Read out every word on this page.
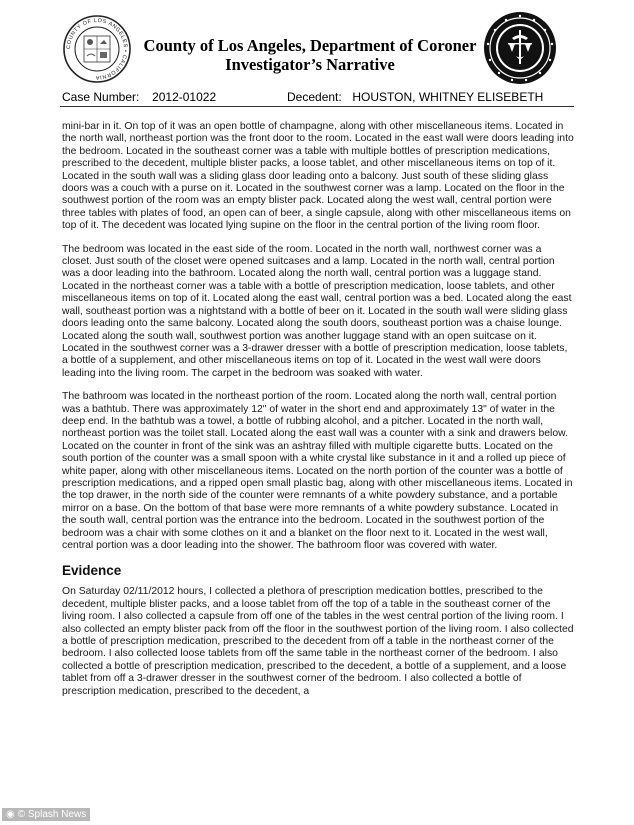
COUNTY OF LOS ANGELES • CALIFORNIA
County of Los Angeles, Department of Coroner
Investigator’s Narrative
Case Number: 2012-01022	Decedent: HOUSTON, WHITNEY ELISEBETH

mini-bar in it. On top of it was an open bottle of champagne, along with other miscellaneous items. Located in the north wall, northeast portion was the front door to the room. Located in the east wall were doors leading into the bedroom. Located in the southeast corner was a table with multiple bottles of prescription medications, prescribed to the decedent, multiple blister packs, a loose tablet, and other miscellaneous items on top of it. Located in the south wall was a sliding glass door leading onto a balcony. Just south of these sliding glass doors was a couch with a purse on it. Located in the southwest corner was a lamp. Located on the floor in the southwest portion of the room was an empty blister pack. Located along the west wall, central portion were three tables with plates of food, an open can of beer, a single capsule, along with other miscellaneous items on top of it. The decedent was located lying supine on the floor in the central portion of the living room floor.

The bedroom was located in the east side of the room. Located in the north wall, northwest corner was a closet. Just south of the closet were opened suitcases and a lamp. Located in the north wall, central portion was a door leading into the bathroom. Located along the north wall, central portion was a luggage stand. Located in the northeast corner was a table with a bottle of prescription medication, loose tablets, and other miscellaneous items on top of it. Located along the east wall, central portion was a bed. Located along the east wall, southeast portion was a nightstand with a bottle of beer on it. Located in the south wall were sliding glass doors leading onto the same balcony. Located along the south doors, southeast portion was a chaise lounge. Located along the south wall, southwest portion was another luggage stand with an open suitcase on it. Located in the southwest corner was a 3-drawer dresser with a bottle of prescription medication, loose tablets, a bottle of a supplement, and other miscellaneous items on top of it. Located in the west wall were doors leading into the living room. The carpet in the bedroom was soaked with water.

The bathroom was located in the northeast portion of the room. Located along the north wall, central portion was a bathtub. There was approximately 12" of water in the short end and approximately 13" of water in the deep end. In the bathtub was a towel, a bottle of rubbing alcohol, and a pitcher. Located in the north wall, northeast portion was the toilet stall. Located along the east wall was a counter with a sink and drawers below. Located on the counter in front of the sink was an ashtray filled with multiple cigarette butts. Located on the south portion of the counter was a small spoon with a white crystal like substance in it and a rolled up piece of white paper, along with other miscellaneous items. Located on the north portion of the counter was a bottle of prescription medications, and a ripped open small plastic bag, along with other miscellaneous items. Located in the top drawer, in the north side of the counter were remnants of a white powdery substance, and a portable mirror on a base. On the bottom of that base were more remnants of a white powdery substance. Located in the south wall, central portion was the entrance into the bedroom. Located in the southwest portion of the bedroom was a chair with some clothes on it and a blanket on the floor next to it. Located in the west wall, central portion was a door leading into the shower. The bathroom floor was covered with water.

Evidence

On Saturday 02/11/2012 hours, I collected a plethora of prescription medication bottles, prescribed to the decedent, multiple blister packs, and a loose tablet from off the top of a table in the southeast corner of the living room. I also collected a capsule from off one of the tables in the west central portion of the living room. I also collected an empty blister pack from off the floor in the southwest portion of the living room. I also collected a bottle of prescription medication, prescribed to the decedent from off a table in the northeast corner of the bedroom. I also collected loose tablets from off the same table in the northeast corner of the bedroom. I also collected a bottle of prescription medication, prescribed to the decedent, a bottle of a supplement, and a loose tablet from off a 3-drawer dresser in the southwest corner of the bedroom. I also collected a bottle of prescription medication, prescribed to the decedent, a

◉ © Splash News
